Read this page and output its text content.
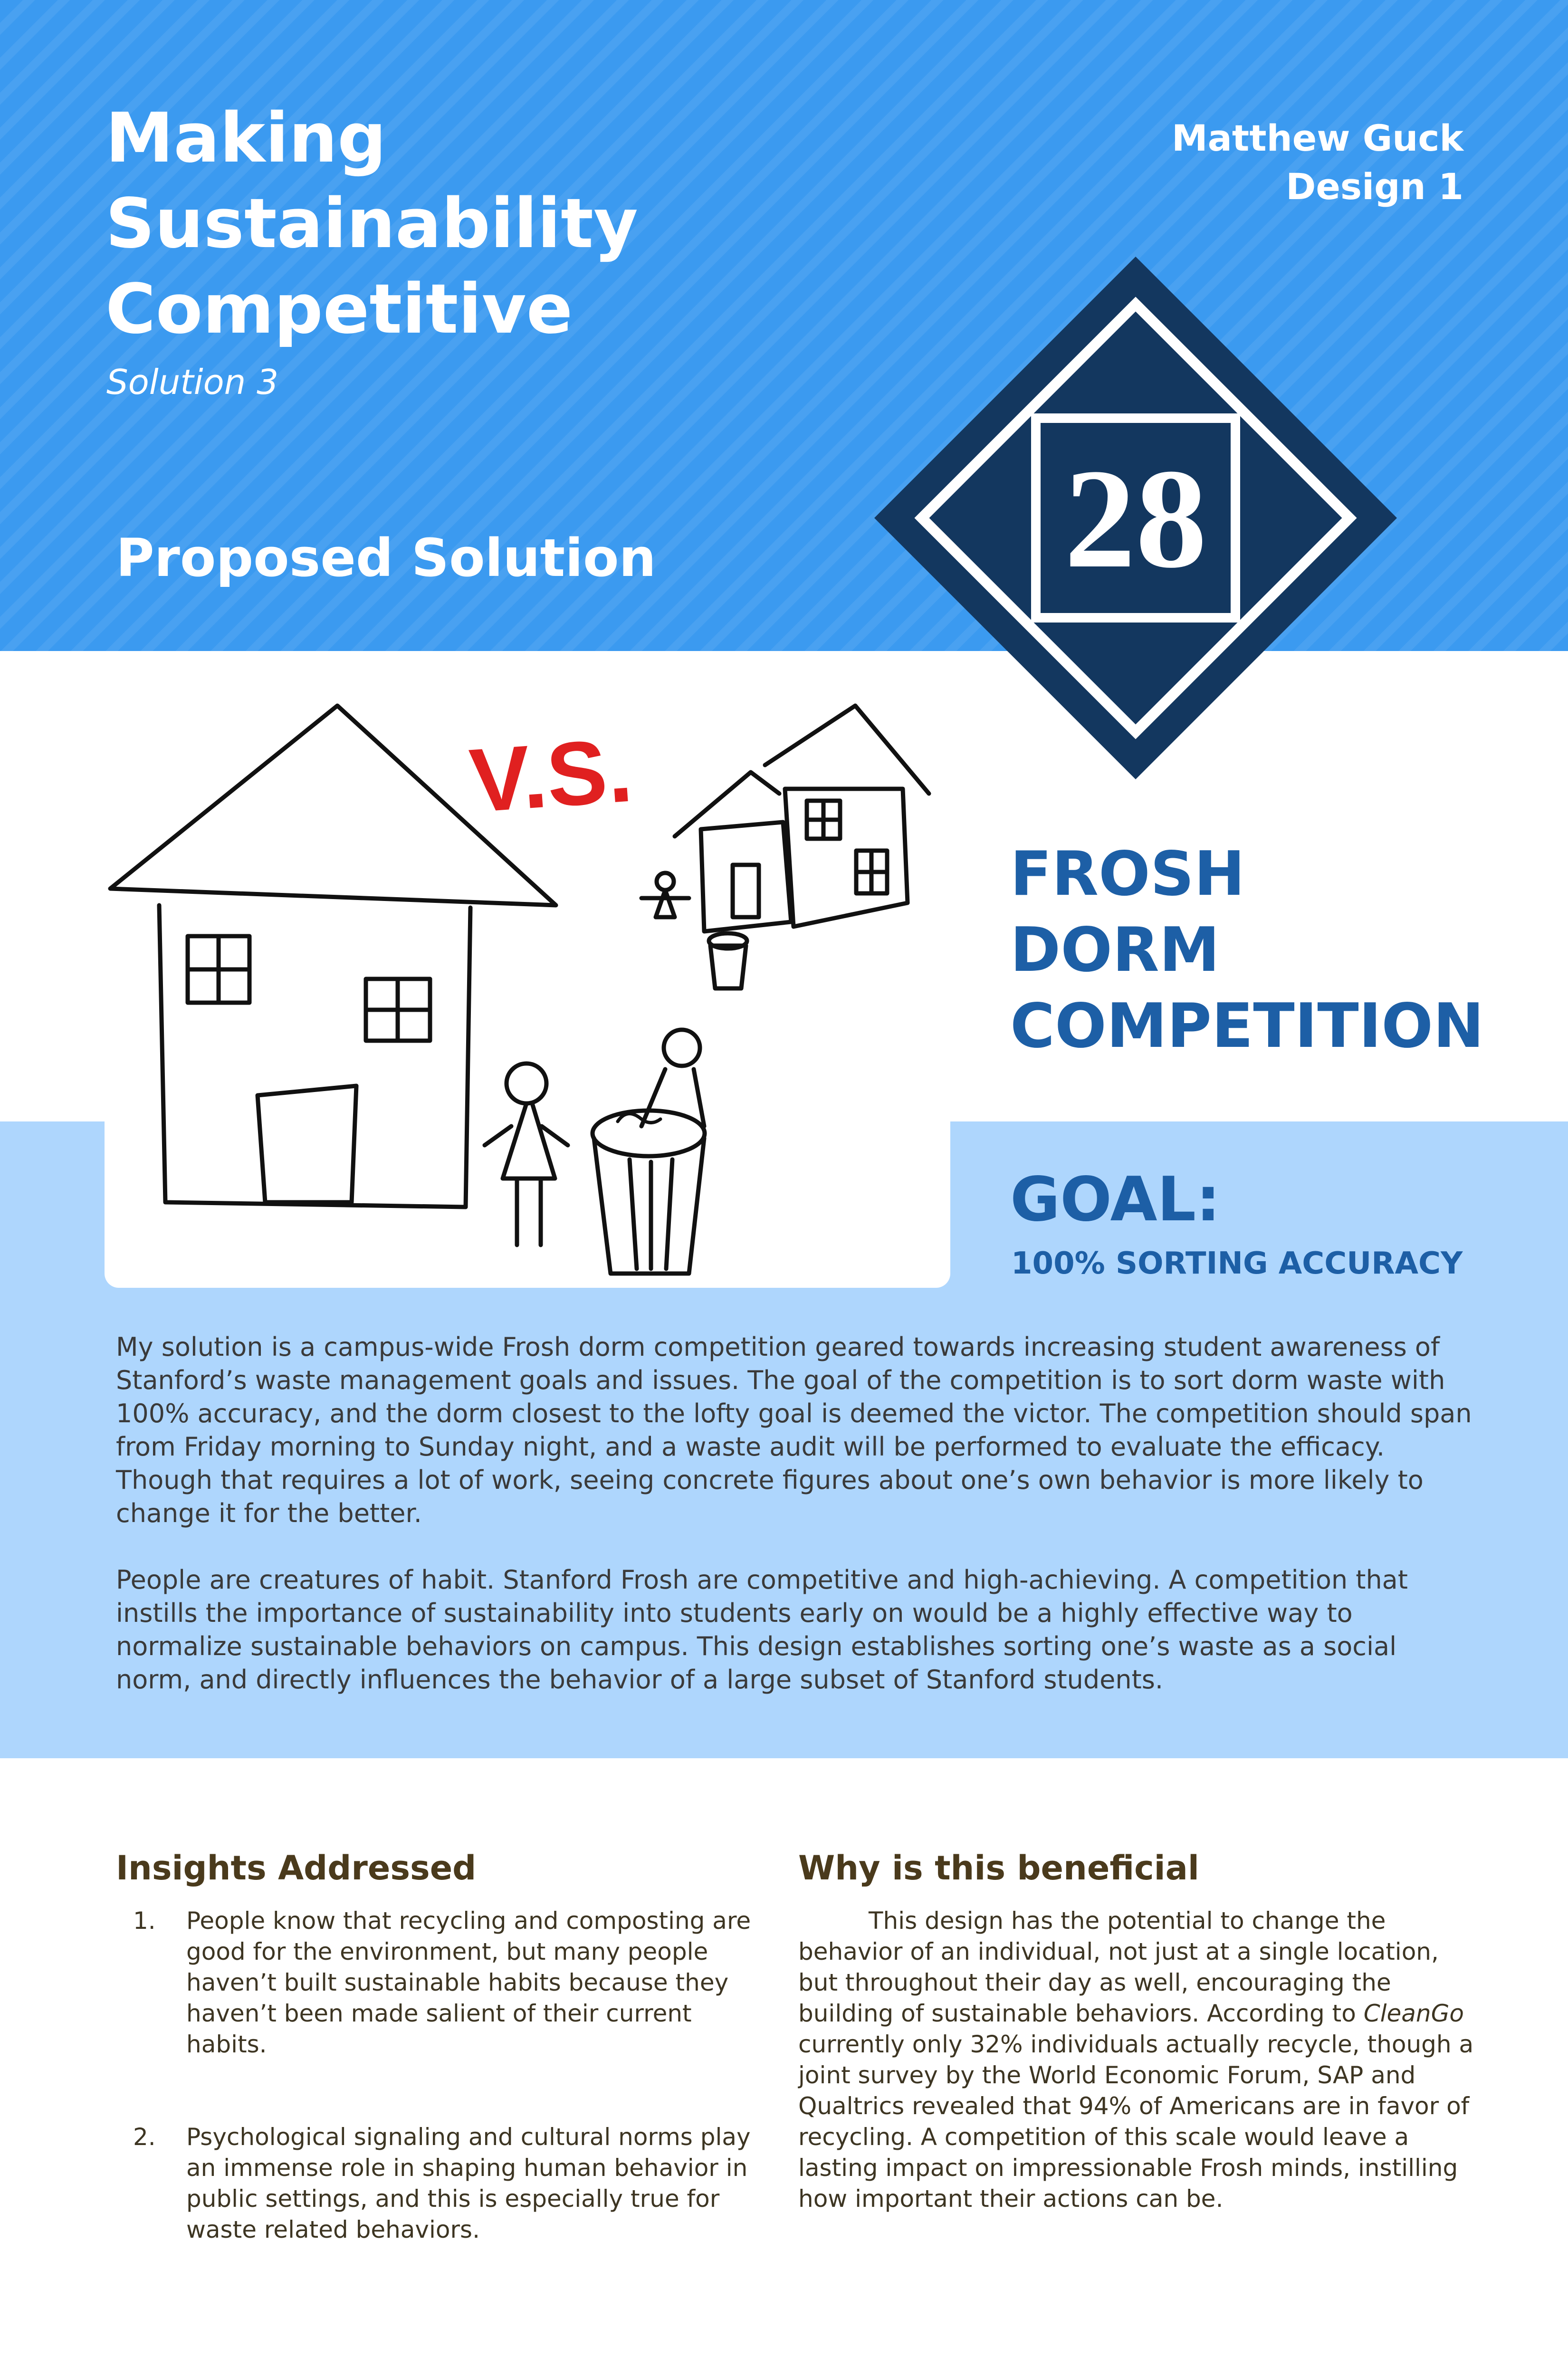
Making
Sustainability
Competitive
Solution 3
Matthew Guck
Design 1
Proposed Solution
V.S.
28
FROSH
DORM
COMPETITION
GOAL:
100% SORTING ACCURACY
My solution is a campus-wide Frosh dorm competition geared towards increasing student awareness of Stanford’s waste management goals and issues. The goal of the competition is to sort dorm waste with 100% accuracy, and the dorm closest to the lofty goal is deemed the victor. The competition should span from Friday morning to Sunday night, and a waste audit will be performed to evaluate the efficacy. Though that requires a lot of work, seeing concrete figures about one’s own behavior is more likely to change it for the better.
People are creatures of habit. Stanford Frosh are competitive and high-achieving. A competition that instills the importance of sustainability into students early on would be a highly effective way to normalize sustainable behaviors on campus. This design establishes sorting one’s waste as a social norm, and directly influences the behavior of a large subset of Stanford students.
Insights Addressed
1. People know that recycling and composting are good for the environment, but many people haven’t built sustainable habits because they haven’t been made salient of their current habits.
2. Psychological signaling and cultural norms play an immense role in shaping human behavior in public settings, and this is especially true for waste related behaviors.
Why is this beneficial

This design has the potential to change the behavior of an individual, not just at a single location, but throughout their day as well, encouraging the building of sustainable behaviors. According to CleanGo currently only 32% individuals actually recycle, though a joint survey by the World Economic Forum, SAP and Qualtrics revealed that 94% of Americans are in favor of recycling. A competition of this scale would leave a lasting impact on impressionable Frosh minds, instilling how important their actions can be.
